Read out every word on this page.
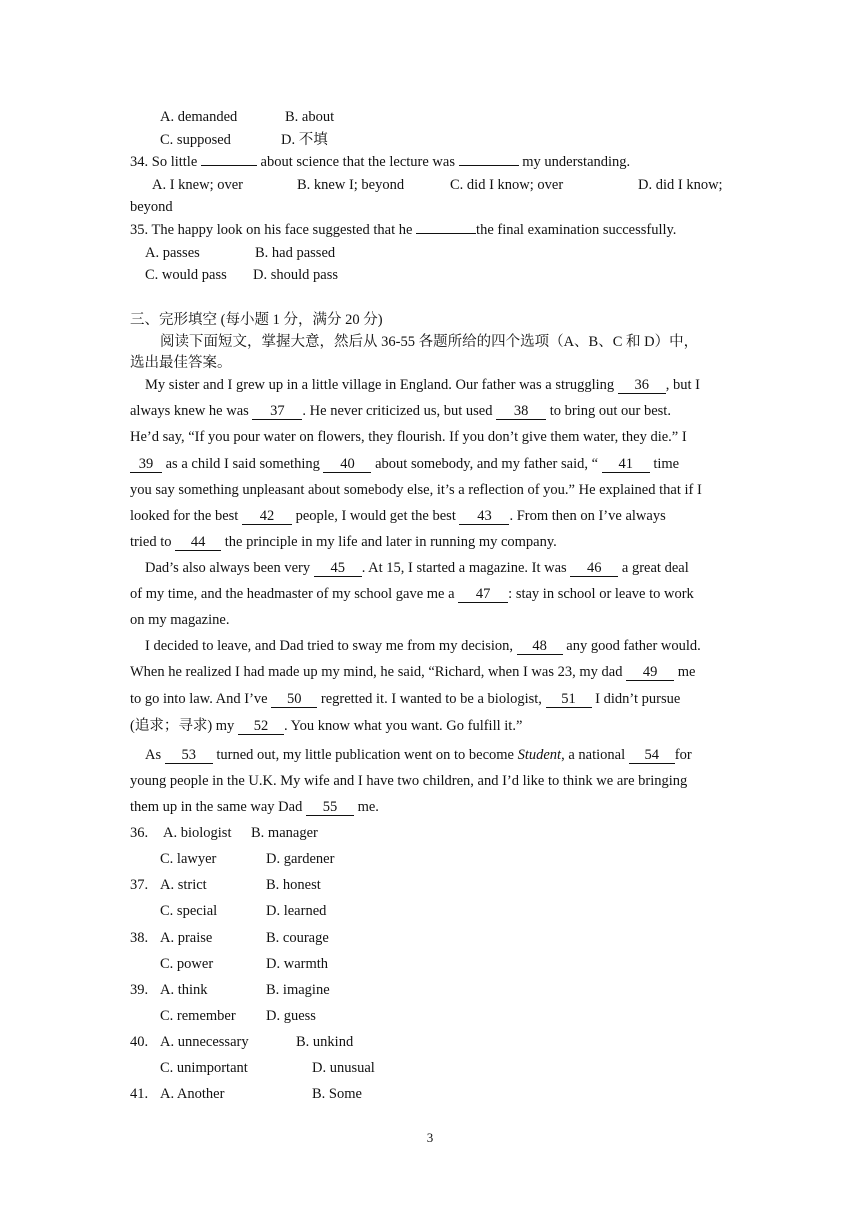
A. demanded	B. about
C. supposed	D. 不填
34. So little	about science that the lecture was	my understanding.
A. I knew; over	B. knew I; beyond	C. did I know; over	D. did I know;
beyond
35. The happy look on his face suggested that he	the final examination successfully.
A. passes	B. had passed
C. would pass D. should pass
三、完形填空 (每小题 1 分，满分 20 分)
阅读下面短文，掌握大意，然后从 36-55 各题所给的四个选项（A、B、C 和 D）中，
选出最佳答案。
My sister and I grew up in a little village in England. Our father was a struggling 36 , but I
always knew he was 37 . He never criticized us, but used 38 to bring out our best.
He’d say, “If you pour water on flowers, they flourish. If you don’t give them water, they die.” I
39 as a child I said something 40 about somebody, and my father said, “ 41 time
you say something unpleasant about somebody else, it’s a reflection of you.” He explained that if I
looked for the best 42 people, I would get the best 43 . From then on I’ve always
tried to 44 the principle in my life and later in running my company.
Dad’s also always been very 45 . At 15, I started a magazine. It was 46 a great deal
of my time, and the headmaster of my school gave me a 47 : stay in school or leave to work
on my magazine.
I decided to leave, and Dad tried to sway me from my decision, 48 any good father would.
When he realized I had made up my mind, he said, “Richard, when I was 23, my dad 49 me
to go into law. And I’ve 50 regretted it. I wanted to be a biologist, 51 I didn’t pursue
(追求；寻求) my 52 . You know what you want. Go fulfill it.”
As 53 turned out, my little publication went on to become Student, a national 54 for
young people in the U.K. My wife and I have two children, and I’d like to think we are bringing
them up in the same way Dad 55 me.
36. A. biologist B. manager
C. lawyer	D. gardener
37. A. strict	B. honest
C. special	D. learned
38. A. praise	B. courage
C. power	D. warmth
39. A. think	B. imagine
C. remember D. guess
40. A. unnecessary	B. unkind
C. unimportant	D. unusual
41. A. Another	B. Some
3
